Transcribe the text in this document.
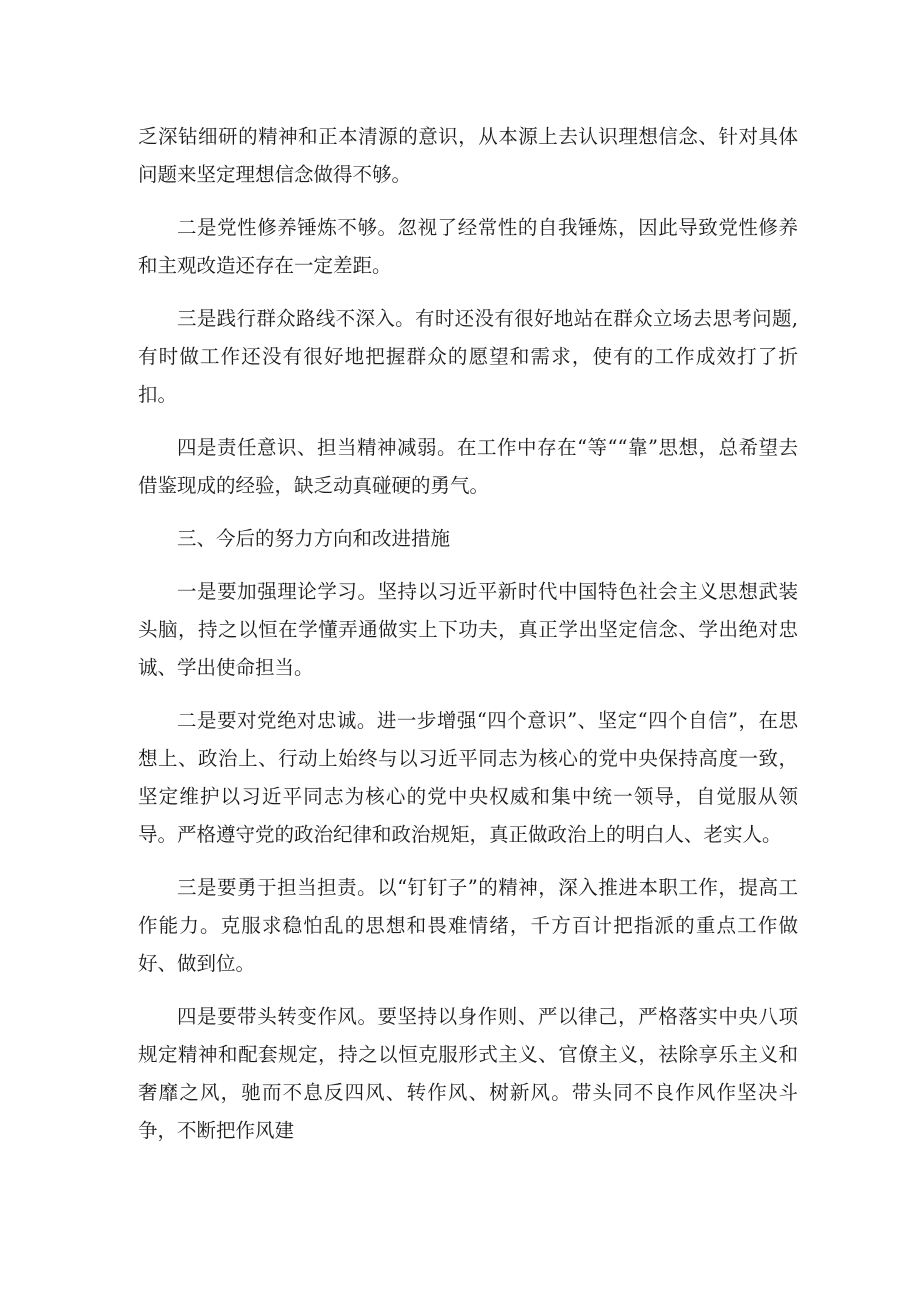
乏深钻细研的精神和正本清源的意识，从本源上去认识理想信念、针对具体问题来坚定理想信念做得不够。

二是党性修养锤炼不够。忽视了经常性的自我锤炼，因此导致党性修养和主观改造还存在一定差距。

三是践行群众路线不深入。有时还没有很好地站在群众立场去思考问题,有时做工作还没有很好地把握群众的愿望和需求，使有的工作成效打了折扣。

四是责任意识、担当精神减弱。在工作中存在“等““靠”思想，总希望去借鉴现成的经验，缺乏动真碰硬的勇气。

三、今后的努力方向和改进措施

一是要加强理论学习。坚持以习近平新时代中国特色社会主义思想武装头脑，持之以恒在学懂弄通做实上下功夫，真正学出坚定信念、学出绝对忠诚、学出使命担当。

二是要对党绝对忠诚。进一步增强“四个意识”、坚定“四个自信”，在思想上、政治上、行动上始终与以习近平同志为核心的党中央保持高度一致，坚定维护以习近平同志为核心的党中央权威和集中统一领导，自觉服从领导。严格遵守党的政治纪律和政治规矩，真正做政治上的明白人、老实人。

三是要勇于担当担责。以“钉钉子”的精神，深入推进本职工作，提高工作能力。克服求稳怕乱的思想和畏难情绪，千方百计把指派的重点工作做好、做到位。

四是要带头转变作风。要坚持以身作则、严以律己，严格落实中央八项规定精神和配套规定，持之以恒克服形式主义、官僚主义，祛除享乐主义和奢靡之风，驰而不息反四风、转作风、树新风。带头同不良作风作坚决斗争，不断把作风建
